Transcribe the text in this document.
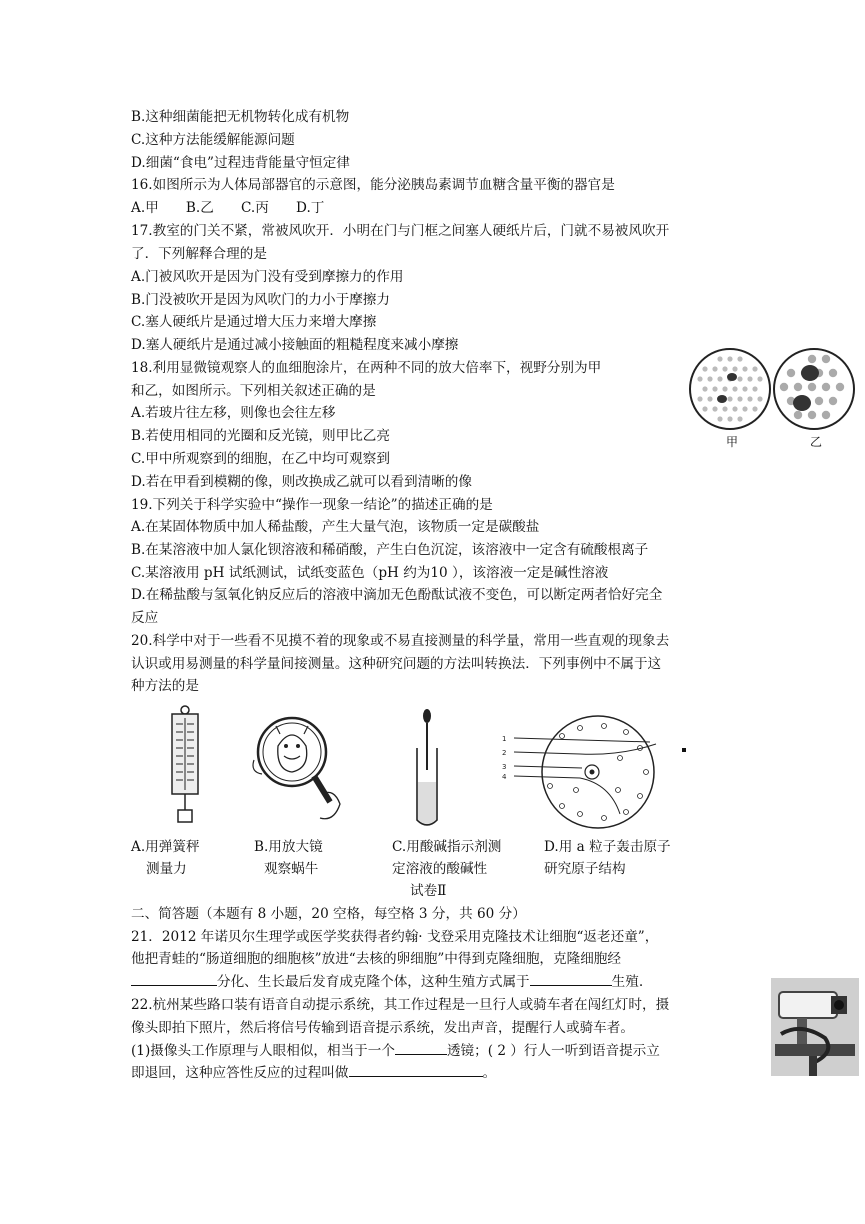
B.这种细菌能把无机物转化成有机物
C.这种方法能缓解能源问题
D.细菌“食电”过程违背能量守恒定律
16.如图所示为人体局部器官的示意图，能分泌胰岛素调节血糖含量平衡的器官是
A.甲　　B.乙　　C.丙　　D.丁
17.教室的门关不紧，常被风吹开．小明在门与门框之间塞人硬纸片后，门就不易被风吹开
了．下列解释合理的是
A.门被风吹开是因为门没有受到摩擦力的作用
B.门没被吹开是因为风吹门的力小于摩擦力
C.塞人硬纸片是通过增大压力来增大摩擦
D.塞人硬纸片是通过减小接触面的粗糙程度来减小摩擦
18.利用显微镜观察人的血细胞涂片，在两种不同的放大倍率下，视野分别为甲
和乙，如图所示。下列相关叙述正确的是
A.若玻片往左移，则像也会往左移
B.若使用相同的光圈和反光镜，则甲比乙亮
C.甲中所观察到的细胞，在乙中均可观察到
D.若在甲看到模糊的像，则改换成乙就可以看到清晰的像
19.下列关于科学实验中“操作一现象一结论”的描述正确的是
A.在某固体物质中加人稀盐酸，产生大量气泡，该物质一定是碳酸盐
B.在某溶液中加人氯化钡溶液和稀硝酸，产生白色沉淀，该溶液中一定含有硫酸根离子
C.某溶液用 pH 试纸测试，试纸变蓝色（pH 约为10 ），该溶液一定是碱性溶液
D.在稀盐酸与氢氧化钠反应后的溶液中滴加无色酚酞试液不变色，可以断定两者恰好完全
反应
20.科学中对于一些看不见摸不着的现象或不易直接测量的科学量，常用一些直观的现象去
认识或用易测量的科学量间接测量。这种研究问题的方法叫转换法．下列事例中不属于这
种方法的是
甲	乙
1
2
3
4
A.用弹簧秤
测量力
B.用放大镜
观察蜗牛
C.用酸碱指示剂测
定溶液的酸碱性
D.用 a 粒子轰击原子
研究原子结构
试卷Ⅱ
二、简答题（本题有 8 小题，20 空格，每空格 3 分，共 60 分）
21．2012 年诺贝尔生理学或医学奖获得者约翰· 戈登采用克隆技术让细胞“返老还童”，
他把青蛙的“肠道细胞的细胞核”放进“去核的卵细胞”中得到克隆细胞，克隆细胞经
分化、生长最后发育成克隆个体，这种生殖方式属于	生殖.
22.杭州某些路口装有语音自动提示系统，其工作过程是一旦行人或骑车者在闯红灯时，摄
像头即拍下照片，然后将信号传输到语音提示系统，发出声音，提醒行人或骑车者。
(1)摄像头工作原理与人眼相似，相当于一个	透镜；( 2 ）行人一听到语音提示立
即退回，这种应答性反应的过程叫做	。
